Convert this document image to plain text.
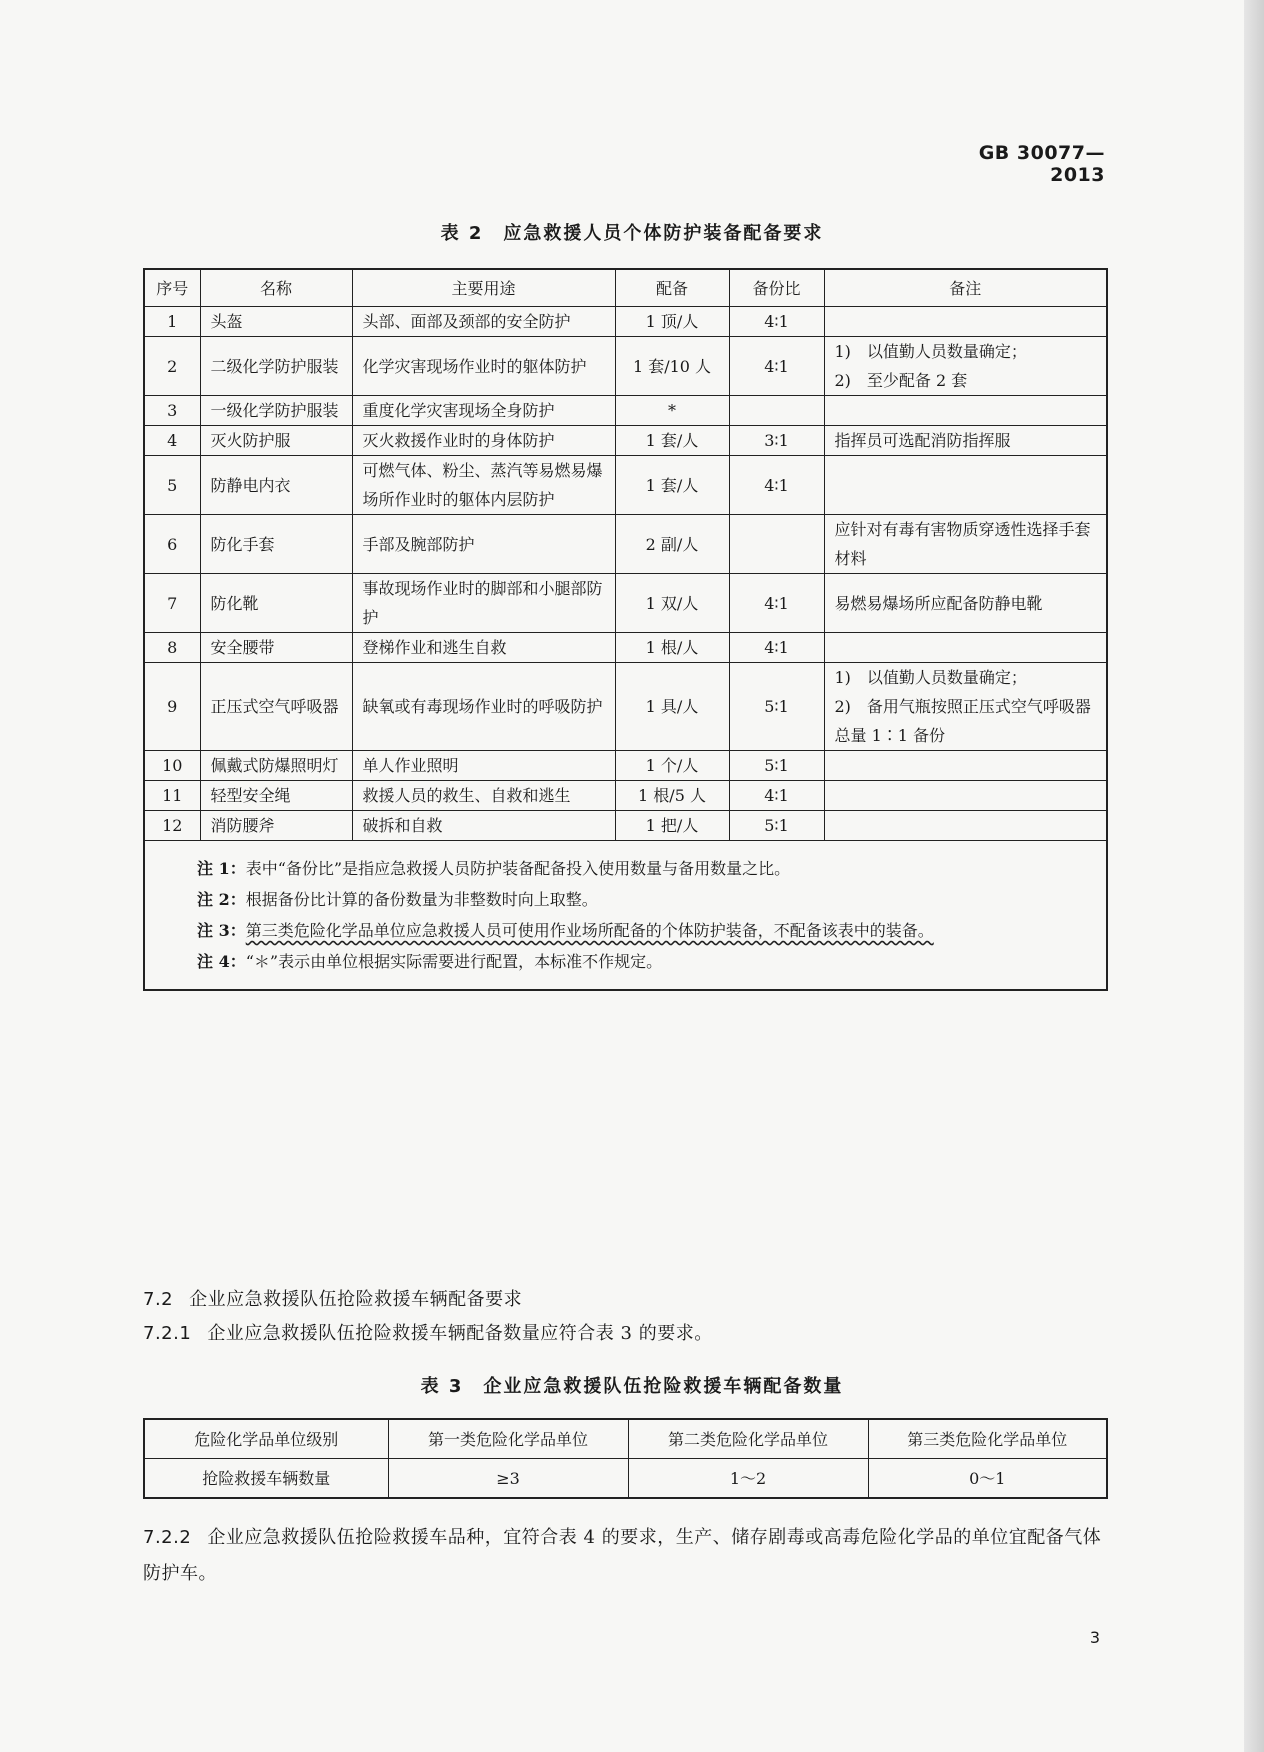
GB 30077—2013
表 2　应急救援人员个体防护装备配备要求
序号	名称	主要用途	配备	备份比	备注
1	头盔	头部、面部及颈部的安全防护	1 顶/人	4∶1	
2	二级化学防护服装	化学灾害现场作业时的躯体防护	1 套/10 人	4∶1	1)　以值勤人员数量确定；
2)　至少配备 2 套
3	一级化学防护服装	重度化学灾害现场全身防护	*		
4	灭火防护服	灭火救援作业时的身体防护	1 套/人	3∶1	指挥员可选配消防指挥服
5	防静电内衣	可燃气体、粉尘、蒸汽等易燃易爆场所作业时的躯体内层防护	1 套/人	4∶1	
6	防化手套	手部及腕部防护	2 副/人		应针对有毒有害物质穿透性选择手套材料
7	防化靴	事故现场作业时的脚部和小腿部防护	1 双/人	4∶1	易燃易爆场所应配备防静电靴
8	安全腰带	登梯作业和逃生自救	1 根/人	4∶1	
9	正压式空气呼吸器	缺氧或有毒现场作业时的呼吸防护	1 具/人	5∶1	1)　以值勤人员数量确定；
2)　备用气瓶按照正压式空气呼吸器总量 1∶1 备份
10	佩戴式防爆照明灯	单人作业照明	1 个/人	5∶1	
11	轻型安全绳	救援人员的救生、自救和逃生	1 根/5 人	4∶1	
12	消防腰斧	破拆和自救	1 把/人	5∶1	

注 1：表中“备份比”是指应急救援人员防护装备配备投入使用数量与备用数量之比。
注 2：根据备份比计算的备份数量为非整数时向上取整。
注 3：第三类危险化学品单位应急救援人员可使用作业场所配备的个体防护装备，不配备该表中的装备。
注 4：“＊”表示由单位根据实际需要进行配置，本标准不作规定。					
7.2 企业应急救援队伍抢险救援车辆配备要求
7.2.1 企业应急救援队伍抢险救援车辆配备数量应符合表 3 的要求。
表 3　企业应急救援队伍抢险救援车辆配备数量
危险化学品单位级别	第一类危险化学品单位	第二类危险化学品单位	第三类危险化学品单位
抢险救援车辆数量	≥3	1～2	0～1
7.2.2 企业应急救援队伍抢险救援车品种，宜符合表 4 的要求，生产、储存剧毒或高毒危险化学品的单位宜配备气体防护车。
3
